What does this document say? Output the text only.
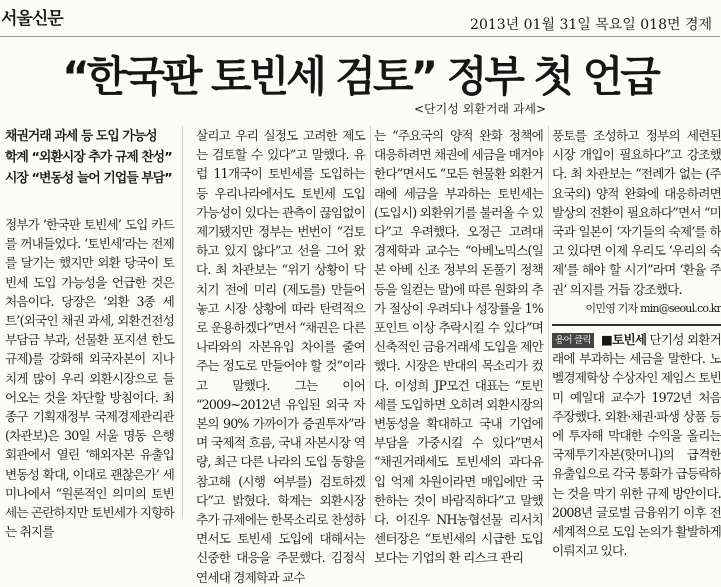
서울신문	2013년 01월 31일 목요일 018면 경제
“한국판 토빈세 검토” 정부 첫 언급
<단기성 외환거래 과세>

채권거래 과세 등 도입 가능성
학계 “외환시장 추가 규제 찬성”
시장 “변동성 늘어 기업들 부담”

정부가 ‘한국판 토빈세’ 도입 카드를 꺼내들었다. ‘토빈세’라는 전제를 달기는 했지만 외환 당국이 토빈세 도입 가능성을 언급한 것은 처음이다. 당장은 ‘외환 3종 세트’(외국인 채권 과세, 외환건전성 부담금 부과, 선물환 포지션 한도 규제)를 강화해 외국자본이 지나치게 많이 우리 외환시장으로 들어오는 것을 차단할 방침이다. 최종구 기획재정부 국제경제관리관(차관보)은 30일 서울 명동 은행회관에서 열린 ‘해외자본 유출입 변동성 확대, 이대로 괜찮은가’ 세미나에서 “원론적인 의미의 토빈세는 곤란하지만 토빈세가 지향하는 취지를

살리고 우리 실정도 고려한 제도는 검토할 수 있다”고 말했다. 유럽 11개국이 토빈세를 도입하는 등 우리나라에서도 토빈세 도입 가능성이 있다는 관측이 끊임없이 제기됐지만 정부는 번번이 “검토하고 있지 않다”고 선을 그어 왔다. 최 차관보는 “위기 상황이 닥치기 전에 미리 (제도를) 만들어 놓고 시장 상황에 따라 탄력적으로 운용하겠다”면서 “채권은 다른 나라와의 자본유입 차이를 줄여 주는 정도로 만들어야 할 것”이라고 말했다. 그는 이어 “2009~2012년 유입된 외국 자본의 90% 가까이가 증권투자”라며 국제적 흐름, 국내 자본시장 역량, 최근 다른 나라의 도입 동향을 참고해 (시행 여부를) 검토하겠다”고 밝혔다. 학계는 외환시장 추가 규제에는 한목소리로 찬성하면서도 토빈세 도입에 대해서는 신중한 대응을 주문했다. 김정식 연세대 경제학과 교수

는 “주요국의 양적 완화 정책에 대응하려면 채권에 세금을 매겨야 한다”면서도 “모든 현물환 외환거래에 세금을 부과하는 토빈세는 (도입시) 외환위기를 불러올 수 있다”고 우려했다. 오정근 고려대 경제학과 교수는 “아베노믹스(일본 아베 신조 정부의 돈풀기 정책 등을 일컫는 말)에 따른 원화의 추가 절상이 우려되나 성장률을 1% 포인트 이상 추락시킬 수 있다”며 신축적인 금융거래세 도입을 제안했다. 시장은 반대의 목소리가 컸다. 이성희 JP모건 대표는 “토빈세를 도입하면 오히려 외환시장의 변동성을 확대하고 국내 기업에 부담을 가중시킬 수 있다”면서 “채권거래세도 토빈세의 과다유입 억제 차원이라면 매입에만 국한하는 것이 바람직하다”고 말했다. 이진우 NH농협선물 리서치센터장은 “토빈세의 시급한 도입보다는 기업의 환 리스크 관리

풍토를 조성하고 정부의 세련된 시장 개입이 필요하다”고 강조했다. 최 차관보는 “전례가 없는 (주요국의) 양적 완화에 대응하려면 발상의 전환이 필요하다”면서 “미국과 일본이 ‘자기들의 숙제’를 하고 있다면 이제 우리도 ‘우리의 숙제’를 해야 할 시기”라며 ‘환율 주권’ 의지를 거듭 강조했다.

이민영 기자 min@seoul.co.kr

용어 클릭 ■토빈세 단기성 외환거래에 부과하는 세금을 말한다. 노벨경제학상 수상자인 제임스 토빈 미 예일대 교수가 1972년 처음 주장했다. 외환·채권·파생 상품 등에 투자해 막대한 수익을 올리는 국제투기자본(핫머니)의 급격한 유출입으로 각국 통화가 급등락하는 것을 막기 위한 규제 방안이다. 2008년 글로벌 금융위기 이후 전 세계적으로 도입 논의가 활발하게 이뤄지고 있다.
